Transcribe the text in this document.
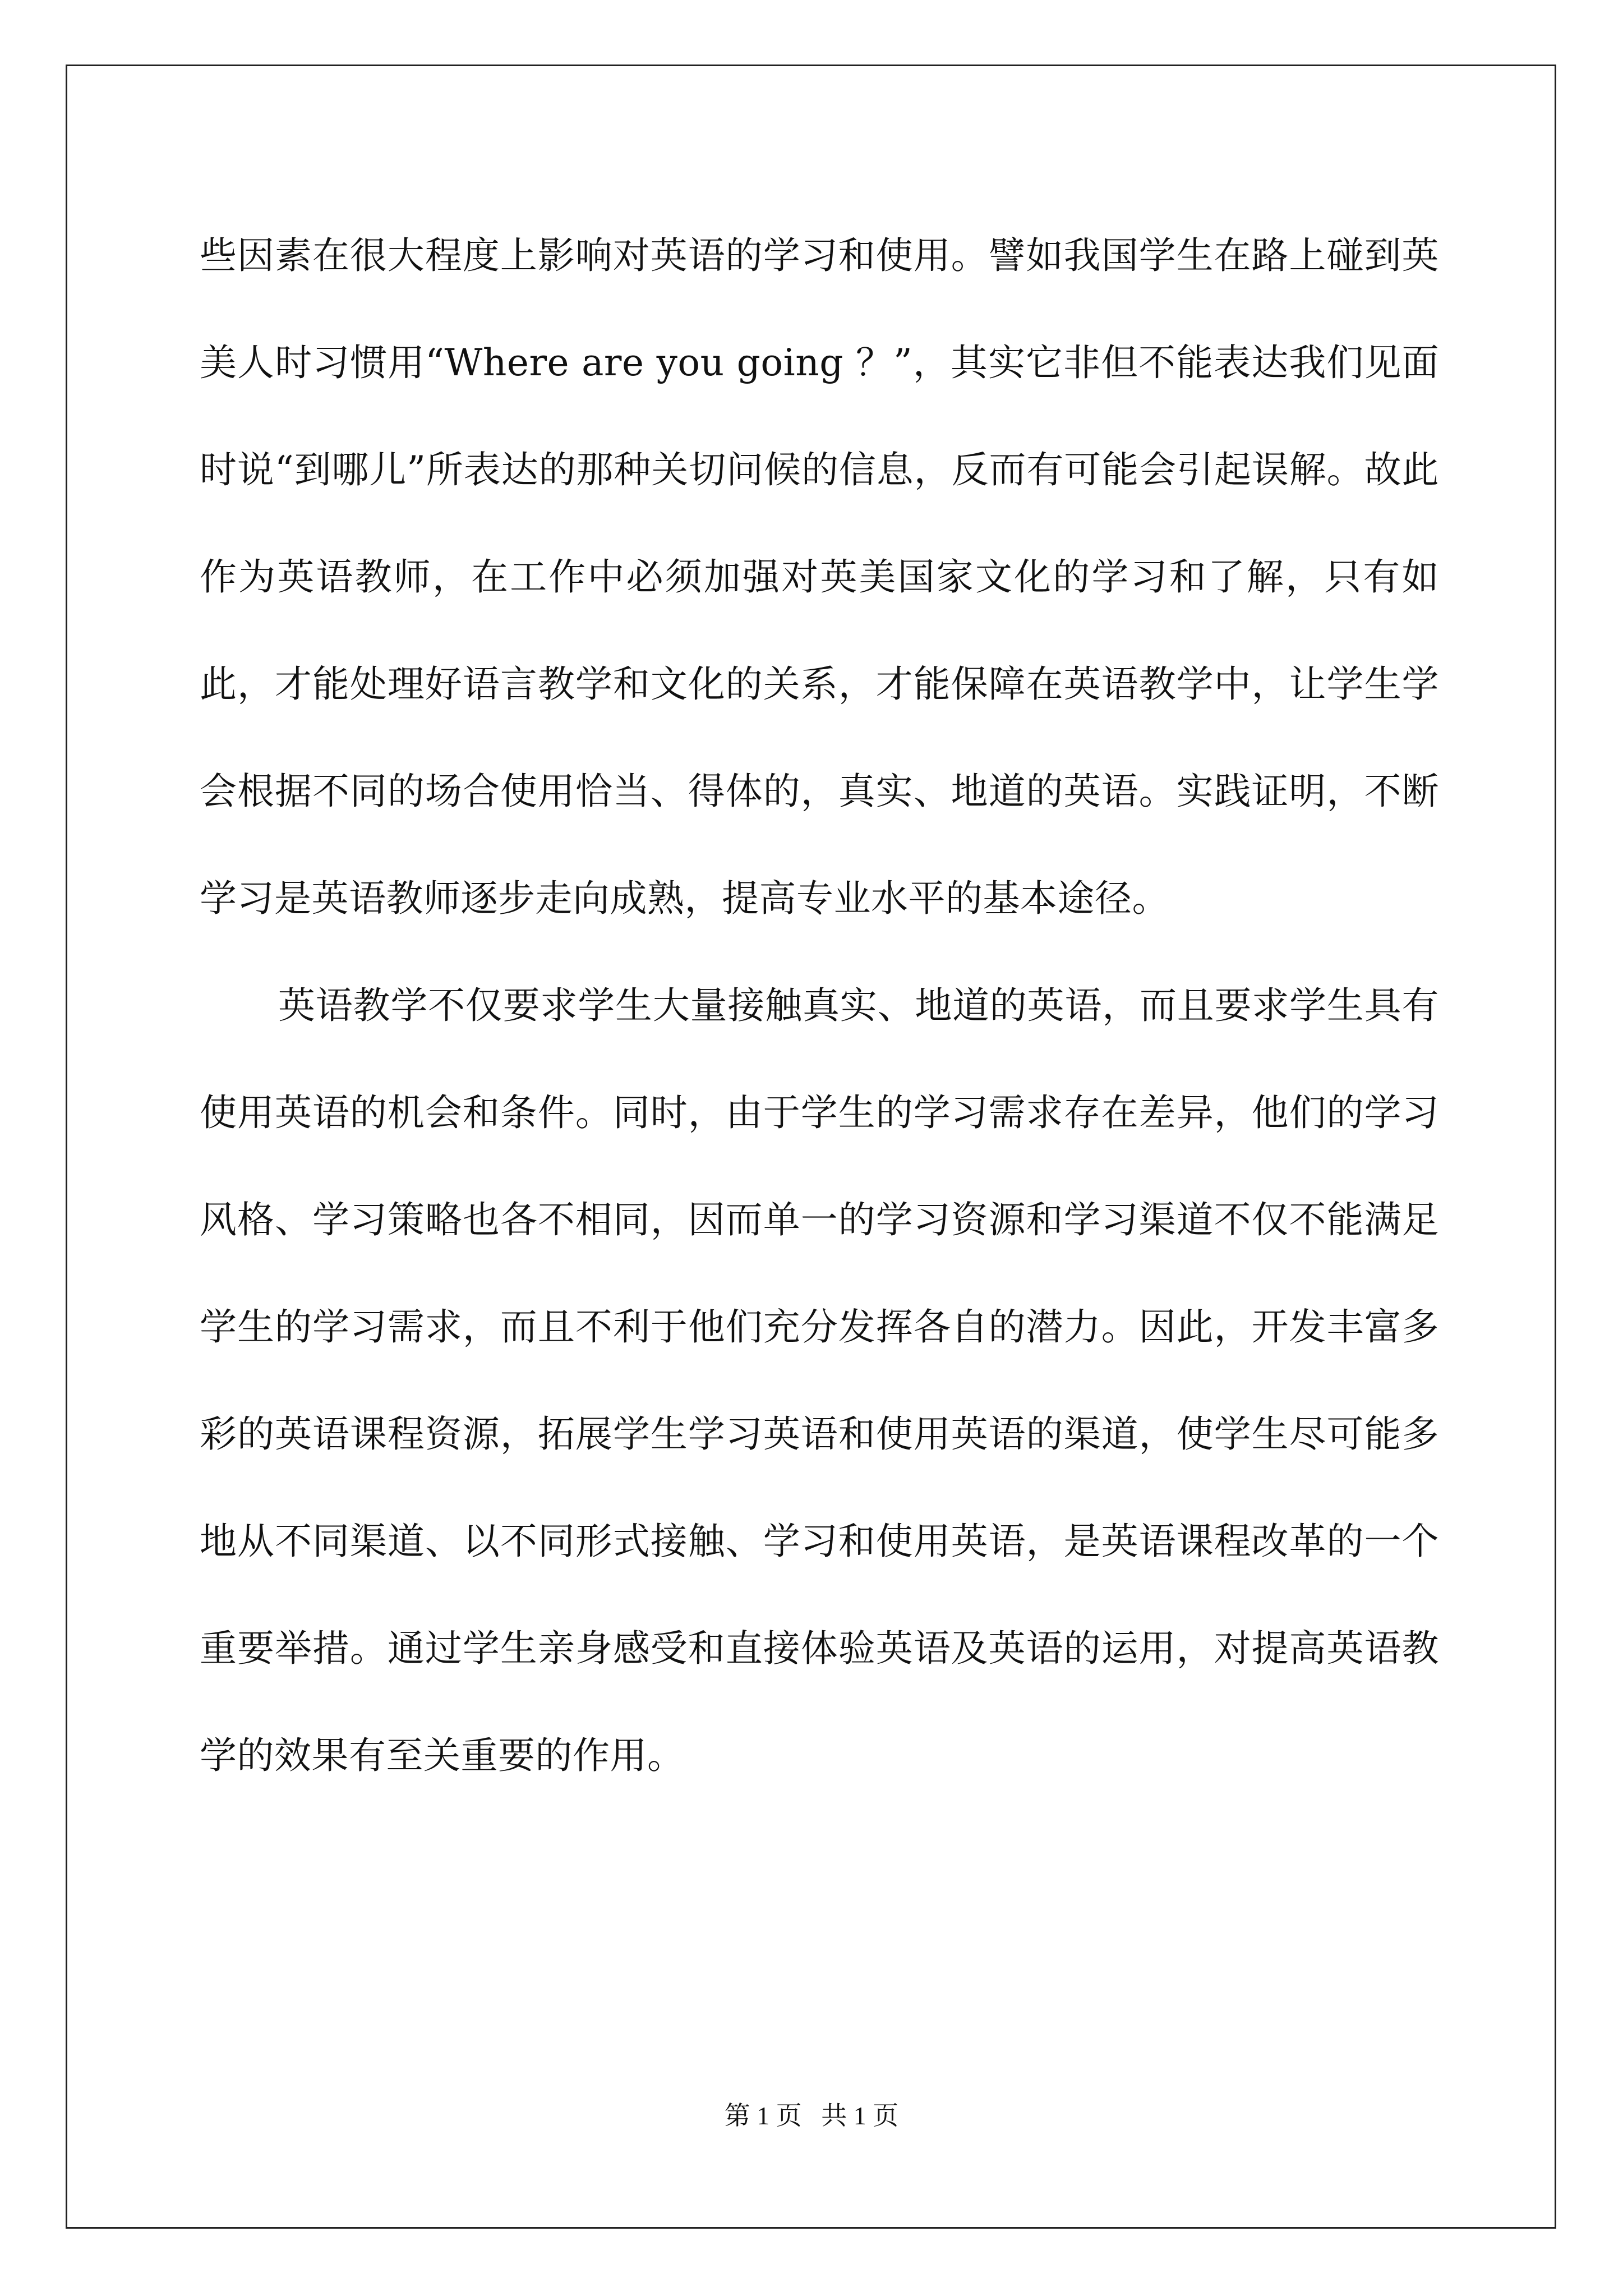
些因素在很大程度上影响对英语的学习和使用。譬如我国学生在路上碰到英美人时习惯用“Where are you going ？”，其实它非但不能表达我们见面时说“到哪儿”所表达的那种关切问候的信息，反而有可能会引起误解。故此作为英语教师，在工作中必须加强对英美国家文化的学习和了解，只有如此，才能处理好语言教学和文化的关系，才能保障在英语教学中，让学生学会根据不同的场合使用恰当、得体的，真实、地道的英语。实践证明，不断学习是英语教师逐步走向成熟，提高专业水平的基本途径。

英语教学不仅要求学生大量接触真实、地道的英语，而且要求学生具有使用英语的机会和条件。同时，由于学生的学习需求存在差异，他们的学习风格、学习策略也各不相同，因而单一的学习资源和学习渠道不仅不能满足学生的学习需求，而且不利于他们充分发挥各自的潜力。因此，开发丰富多彩的英语课程资源，拓展学生学习英语和使用英语的渠道，使学生尽可能多地从不同渠道、以不同形式接触、学习和使用英语，是英语课程改革的一个重要举措。通过学生亲身感受和直接体验英语及英语的运用，对提高英语教学的效果有至关重要的作用。

第 1 页   共 1 页
